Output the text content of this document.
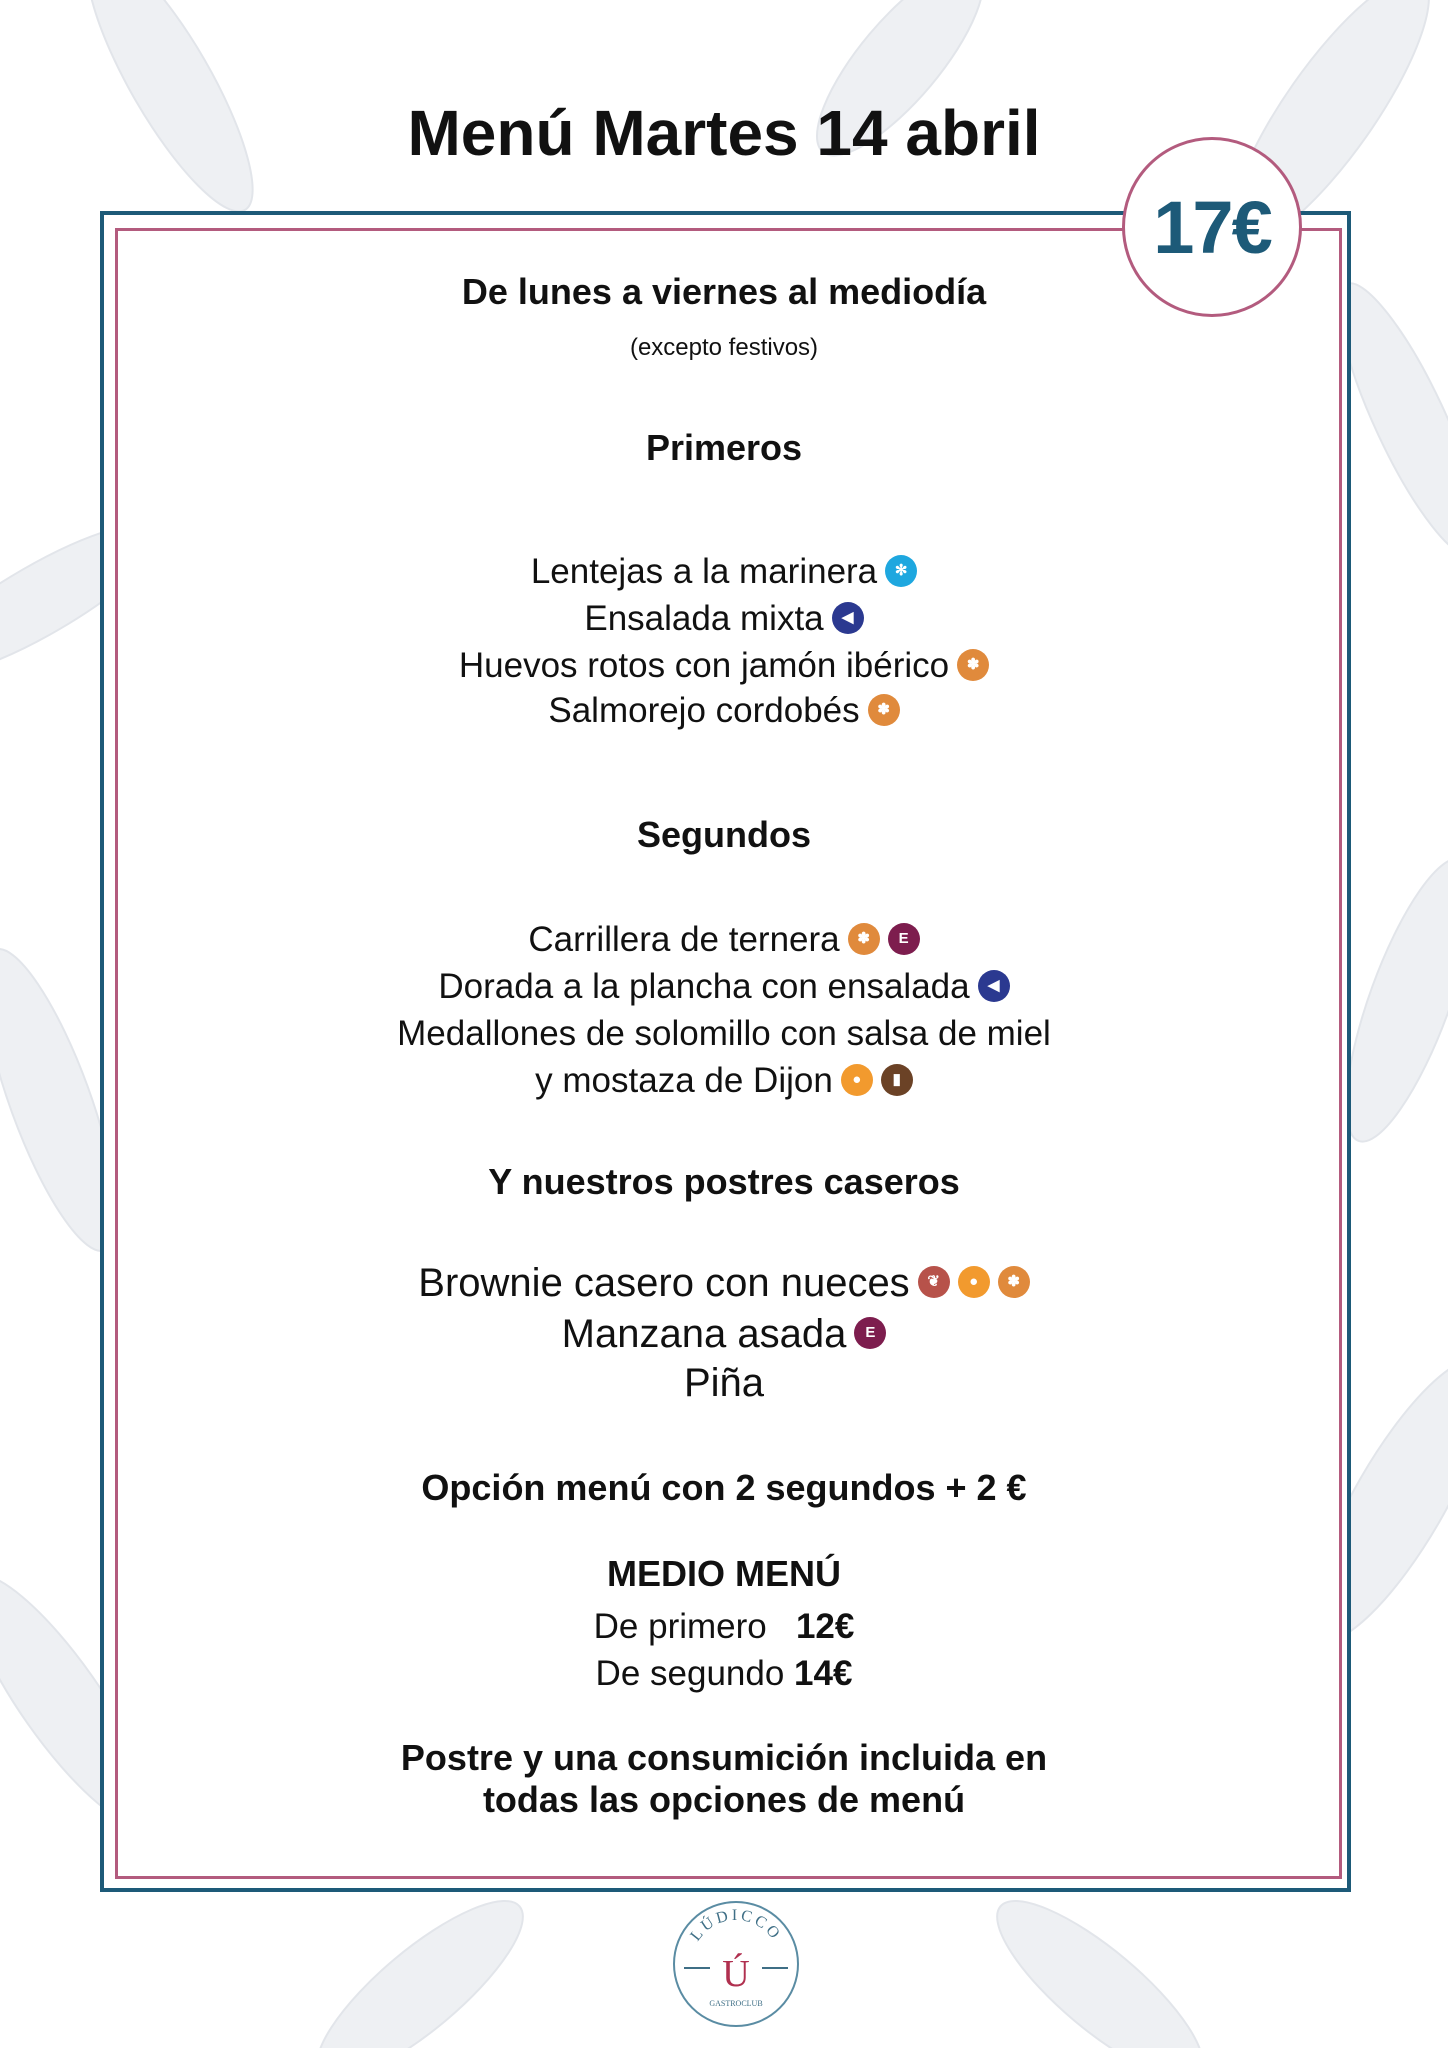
Menú Martes 14 abril
17€
De lunes a viernes al mediodía
(excepto festivos)
Primeros
Lentejas a la marinera ✻
Ensalada mixta ◀
Huevos rotos con jamón ibérico ✽
Salmorejo cordobés ✽
Segundos
Carrillera de ternera ✽ E
Dorada a la plancha con ensalada ◀
Medallones de solomillo con salsa de miel
y mostaza de Dijon ● ▮
Y nuestros postres caseros
Brownie casero con nueces ❦ ● ✽
Manzana asada E
Piña
Opción menú con 2 segundos + 2 €
MEDIO MENÚ
De primero 12€
De segundo 14€
Postre y una consumición incluida en
todas las opciones de menú
LÚDICCO
Ú
GASTROCLUB
